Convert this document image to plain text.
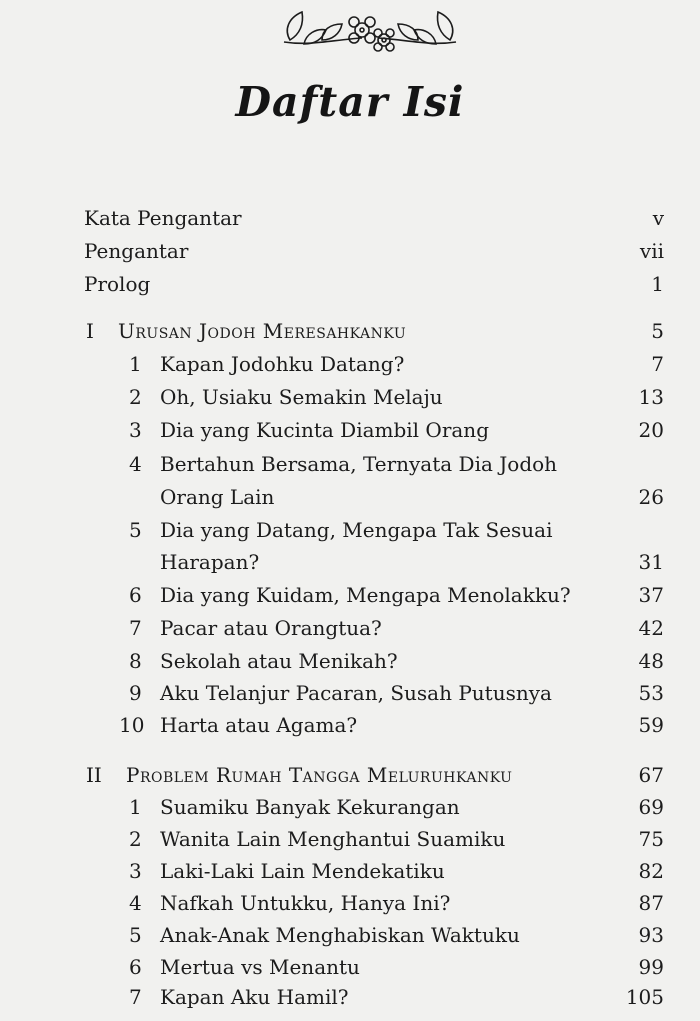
Daftar Isi
Kata Pengantar	v
Pengantar	vii
Prolog	1
I Urusan Jodoh Meresahkanku	5
1 Kapan Jodohku Datang?	7
2 Oh, Usiaku Semakin Melaju	13
3 Dia yang Kucinta Diambil Orang	20
4 Bertahun Bersama, Ternyata Dia Jodoh
Orang Lain	26
5 Dia yang Datang, Mengapa Tak Sesuai
Harapan?	31
6 Dia yang Kuidam, Mengapa Menolakku?	37
7 Pacar atau Orangtua?	42
8 Sekolah atau Menikah?	48
9 Aku Telanjur Pacaran, Susah Putusnya	53
10 Harta atau Agama?	59
II Problem Rumah Tangga Meluruhkanku	67
1 Suamiku Banyak Kekurangan	69
2 Wanita Lain Menghantui Suamiku	75
3 Laki-Laki Lain Mendekatiku	82
4 Nafkah Untukku, Hanya Ini?	87
5 Anak-Anak Menghabiskan Waktuku	93
6 Mertua vs Menantu	99
7 Kapan Aku Hamil?	105
